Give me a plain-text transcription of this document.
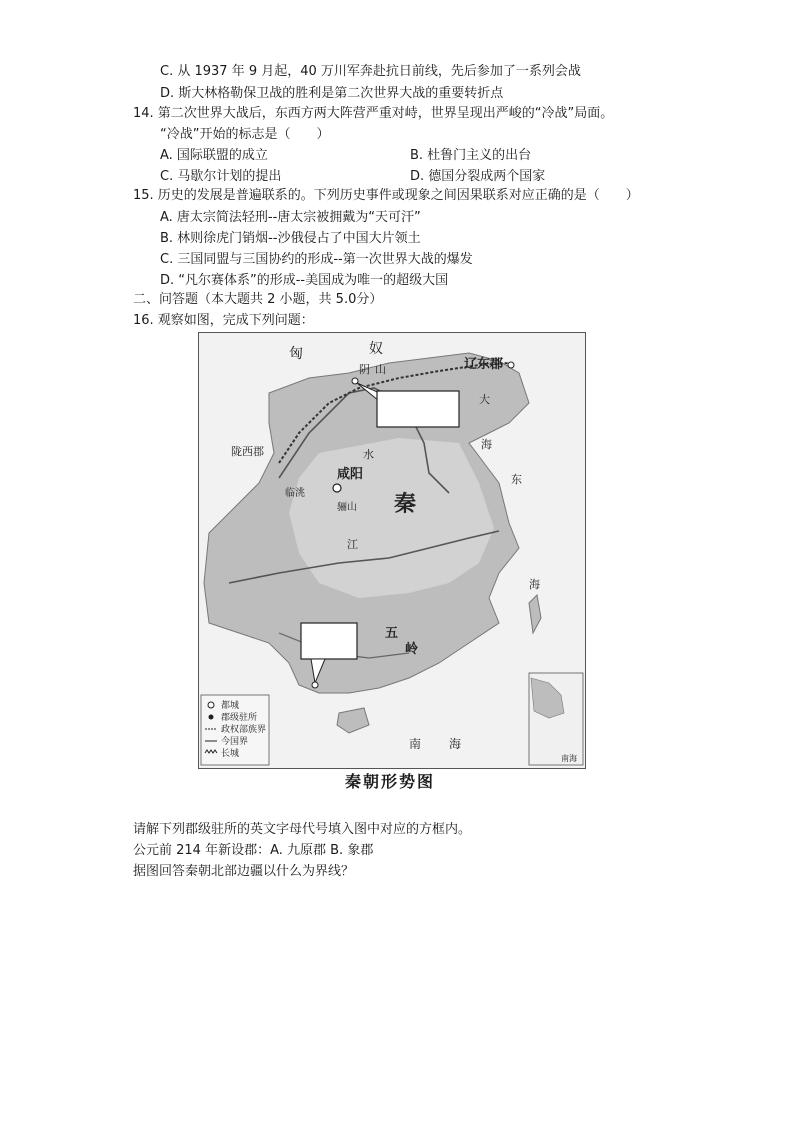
C. 从 1937 年 9 月起，40 万川军奔赴抗日前线，先后参加了一系列会战
D. 斯大林格勒保卫战的胜利是第二次世界大战的重要转折点
14. 第二次世界大战后，东西方两大阵营严重对峙，世界呈现出严峻的“冷战”局面。
“冷战”开始的标志是（　　）
A. 国际联盟的成立	B. 杜鲁门主义的出台
C. 马歇尔计划的提出	D. 德国分裂成两个国家
15. 历史的发展是普遍联系的。下列历史事件或现象之间因果联系对应正确的是（　　）
A. 唐太宗简法轻刑--唐太宗被拥戴为“天可汗”
B. 林则徐虎门销烟--沙俄侵占了中国大片领土
C. 三国同盟与三国协约的形成--第一次世界大战的爆发
D. “凡尔赛体系”的形成--美国成为唯一的超级大国
二、问答题（本大题共 2 小题，共 5.0分）
16. 观察如图，完成下列问题：
匈	奴
阴 山	辽东郡
陇西郡
临洮
咸阳
骊山 秦
水
江
大
海
东
海
五
岭
南 海
都城
郡级驻所
政权部族界
今国界
长城	南海
秦朝形势图
请解下列郡级驻所的英文字母代号填入图中对应的方框内。
公元前 214 年新设郡：A. 九原郡 B. 象郡
据图回答秦朝北部边疆以什么为界线？
